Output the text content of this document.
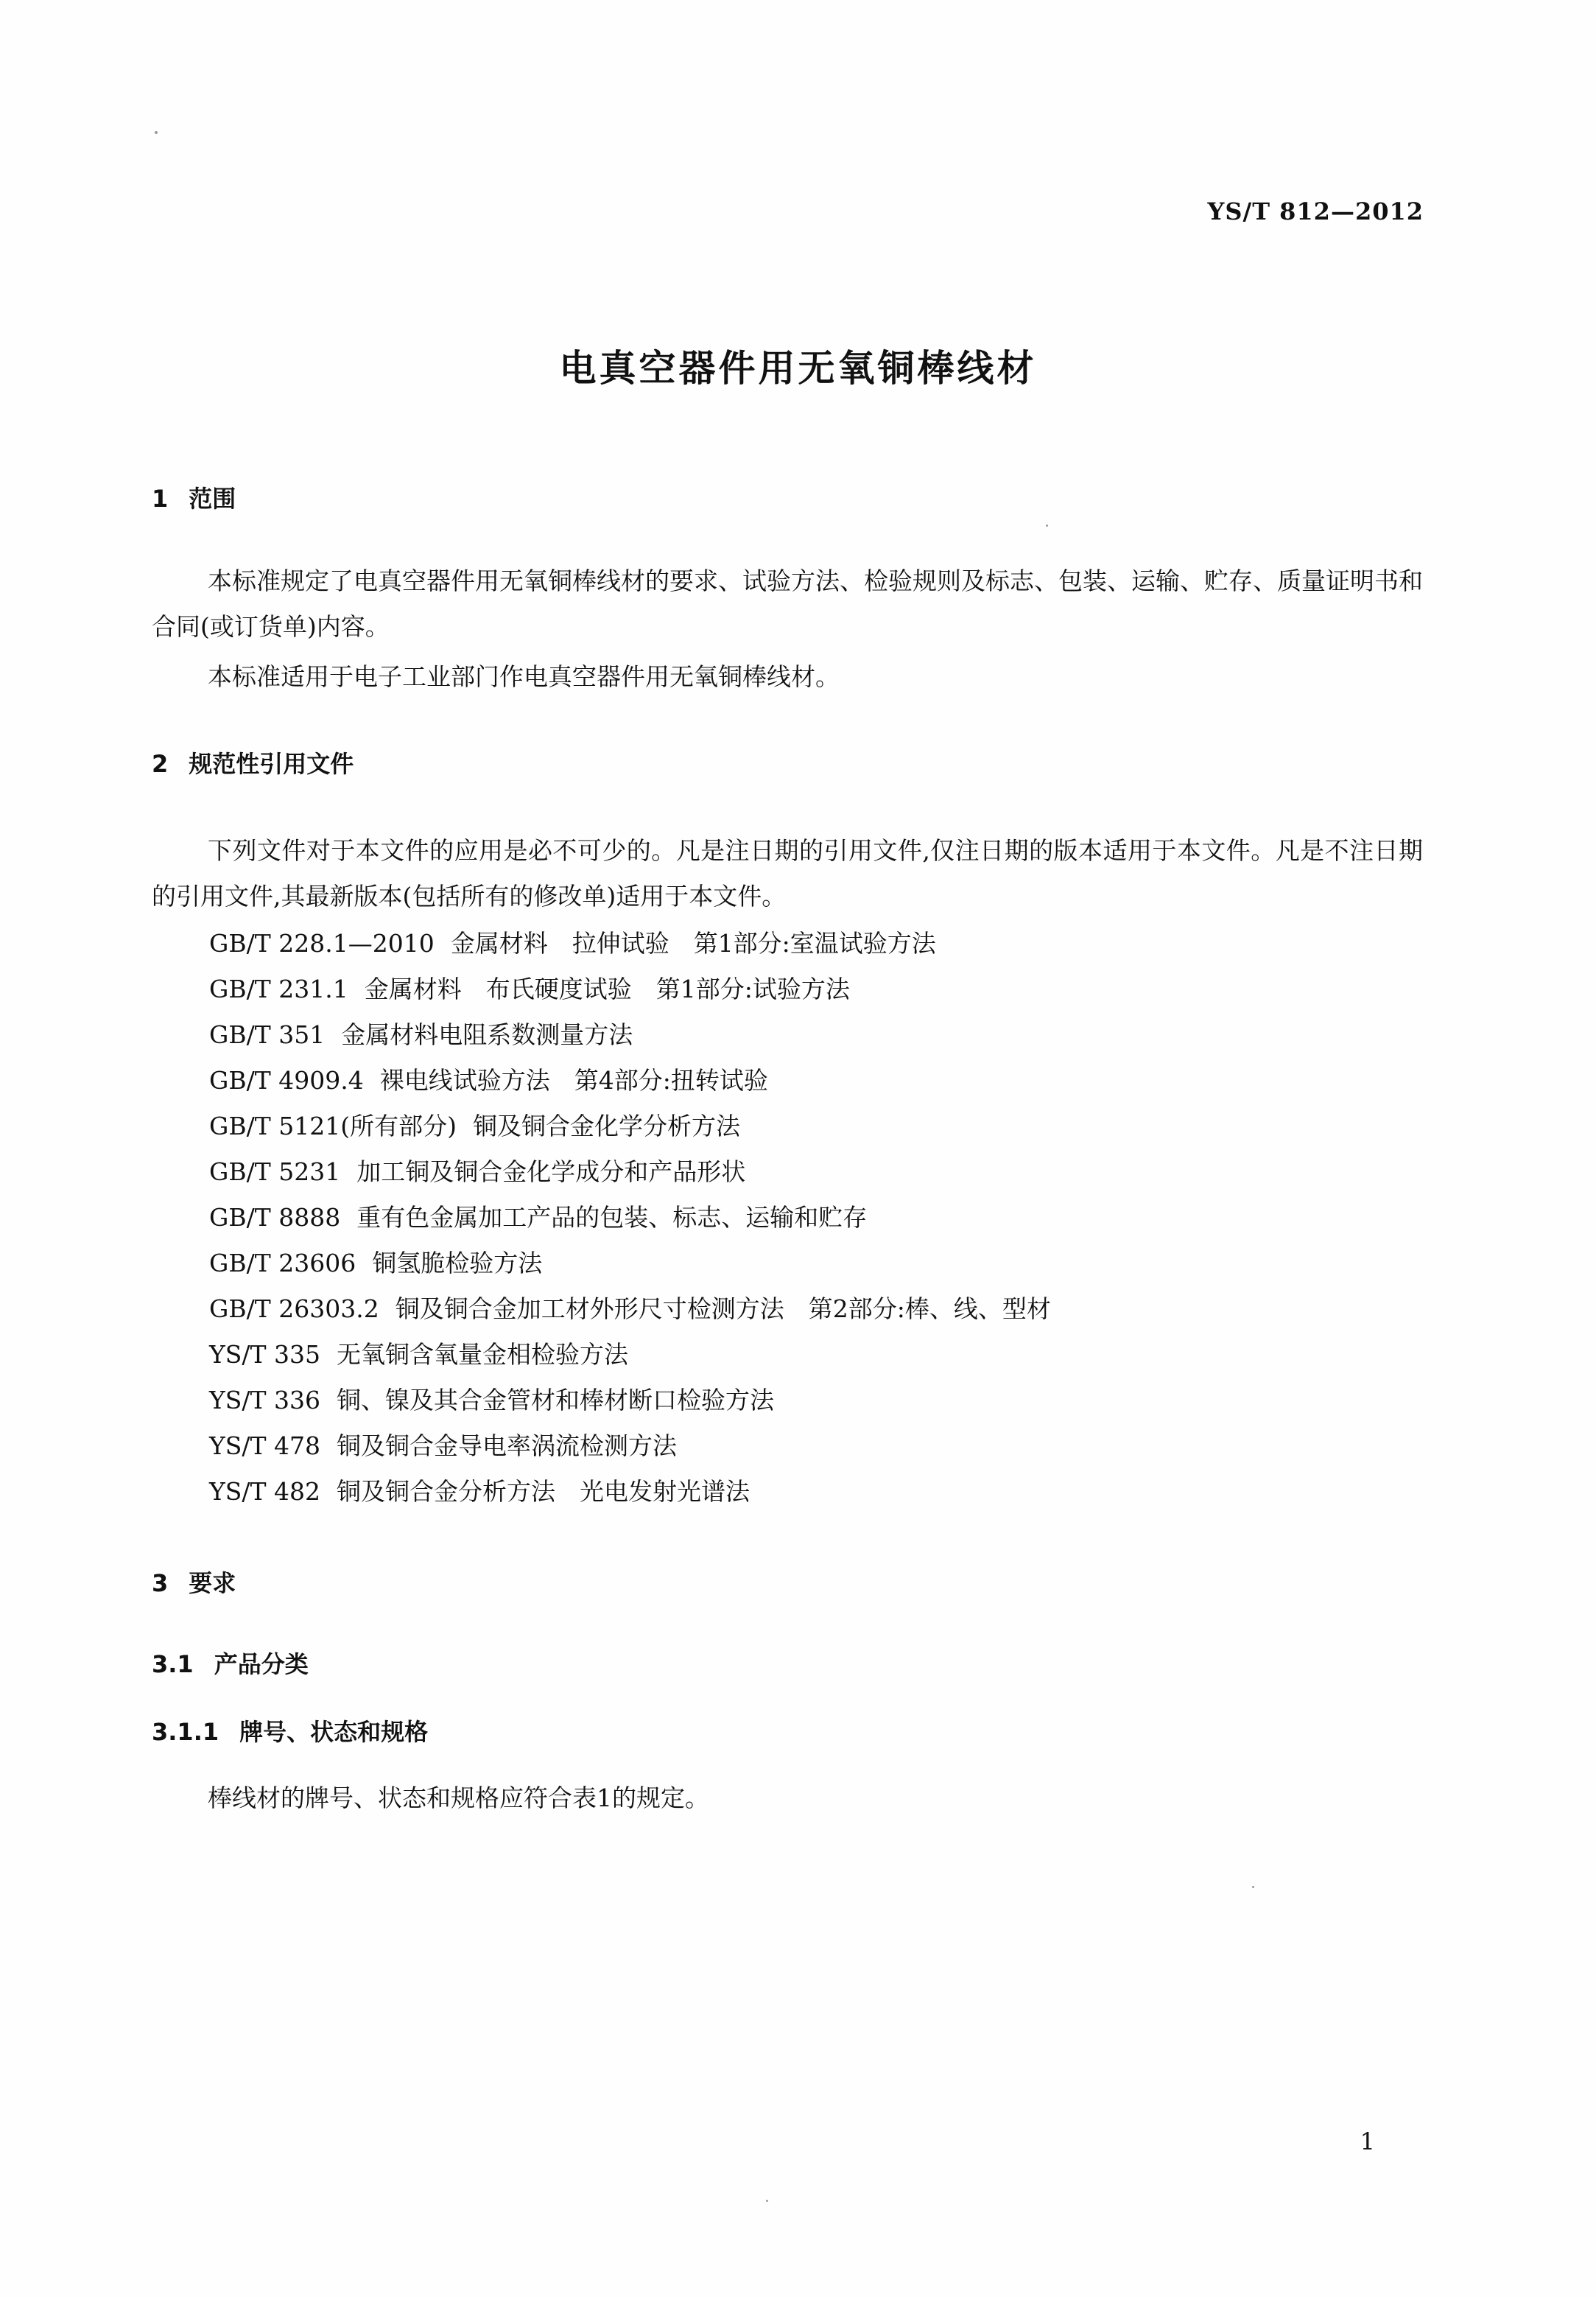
YS/T 812—2012
电真空器件用无氧铜棒线材
1 范围

本标准规定了电真空器件用无氧铜棒线材的要求、试验方法、检验规则及标志、包装、运输、贮存、质量证明书和合同(或订货单)内容。

本标准适用于电子工业部门作电真空器件用无氧铜棒线材。

2 规范性引用文件

下列文件对于本文件的应用是必不可少的。凡是注日期的引用文件,仅注日期的版本适用于本文件。凡是不注日期的引用文件,其最新版本(包括所有的修改单)适用于本文件。

GB/T 228.1—2010 金属材料　拉伸试验　第1部分:室温试验方法
GB/T 231.1 金属材料　布氏硬度试验　第1部分:试验方法
GB/T 351 金属材料电阻系数测量方法
GB/T 4909.4 裸电线试验方法　第4部分:扭转试验
GB/T 5121(所有部分) 铜及铜合金化学分析方法
GB/T 5231 加工铜及铜合金化学成分和产品形状
GB/T 8888 重有色金属加工产品的包装、标志、运输和贮存
GB/T 23606 铜氢脆检验方法
GB/T 26303.2 铜及铜合金加工材外形尺寸检测方法　第2部分:棒、线、型材
YS/T 335 无氧铜含氧量金相检验方法
YS/T 336 铜、镍及其合金管材和棒材断口检验方法
YS/T 478 铜及铜合金导电率涡流检测方法
YS/T 482 铜及铜合金分析方法　光电发射光谱法
3 要求
3.1 产品分类
3.1.1 牌号、状态和规格

棒线材的牌号、状态和规格应符合表1的规定。

1
